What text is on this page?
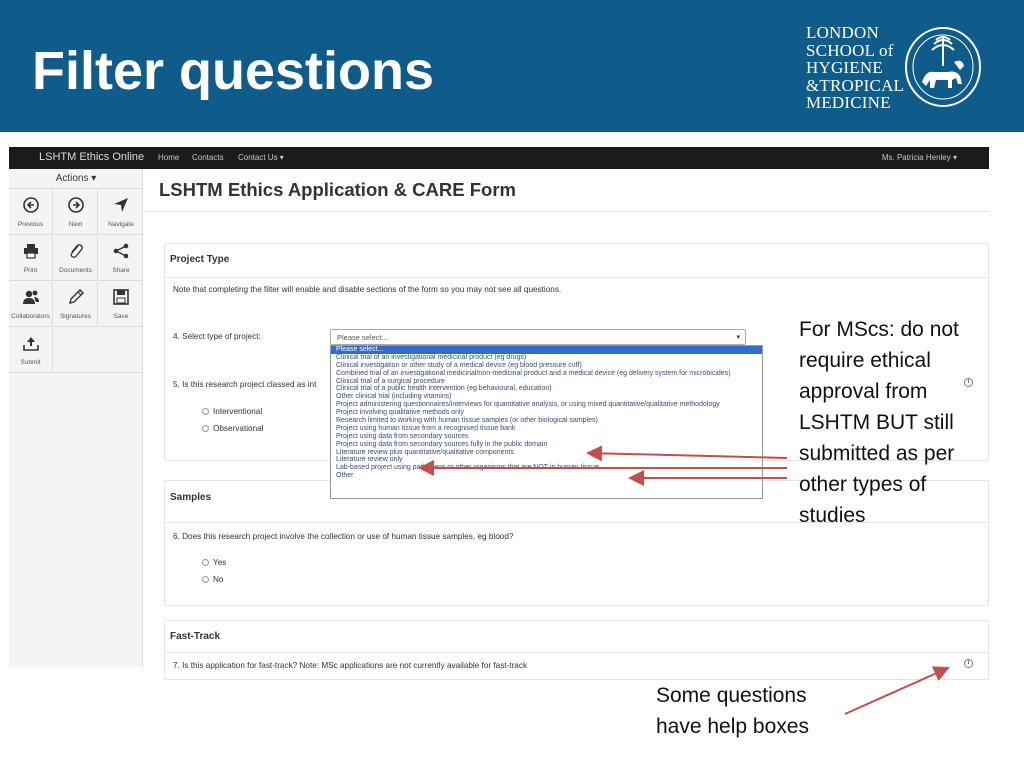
Filter questions
LONDON
SCHOOL of
HYGIENE
&TROPICAL
MEDICINE
LSHTM Ethics Online Home Contacts Contact Us ▾	Ms. Patricia Henley ▾
Actions ▾
Previous	Next	Navigate
Print	Documents	Share
Collaborators	Signatures	Save
Submit
LSHTM Ethics Application & CARE Form
Project Type
Note that completing the filter will enable and disable sections of the form so you may not see all questions.
4. Select type of project:
5. Is this research project classed as int
Interventional
Observational
i
Samples
6. Does this research project involve the collection or use of human tissue samples, eg blood?
Yes
No
Fast-Track
7. Is this application for fast-track? Note: MSc applications are not currently available for fast-track	i
Please select...	▾
Please select...
Clinical trial of an investigational medicinal product (eg drugs)
Clinical investigation or other study of a medical device (eg blood pressure cuff)
Combined trial of an investigational medicinal/non-medicinal product and a medical device (eg delivery system for microbicides)
Clinical trial of a surgical procedure
Clinical trial of a public health intervention (eg behavioural, education)
Other clinical trial (including vitamins)
Project administering questionnaires/interviews for quantitative analysis, or using mixed quantitative/qualitative methodology
Project involving qualitative methods only
Research limited to working with human tissue samples (or other biological samples)
Project using human tissue from a recognised tissue bank
Project using data from secondary sources
Project using data from secondary sources fully in the public domain
Literature review plus quantitative/qualitative components
Literature review only
Lab-based project using pathogens or other organisms that are NOT in human tissue
Other
For MScs: do not
require ethical
approval from
LSHTM BUT still
submitted as per
other types of
studies
Some questions
have help boxes
